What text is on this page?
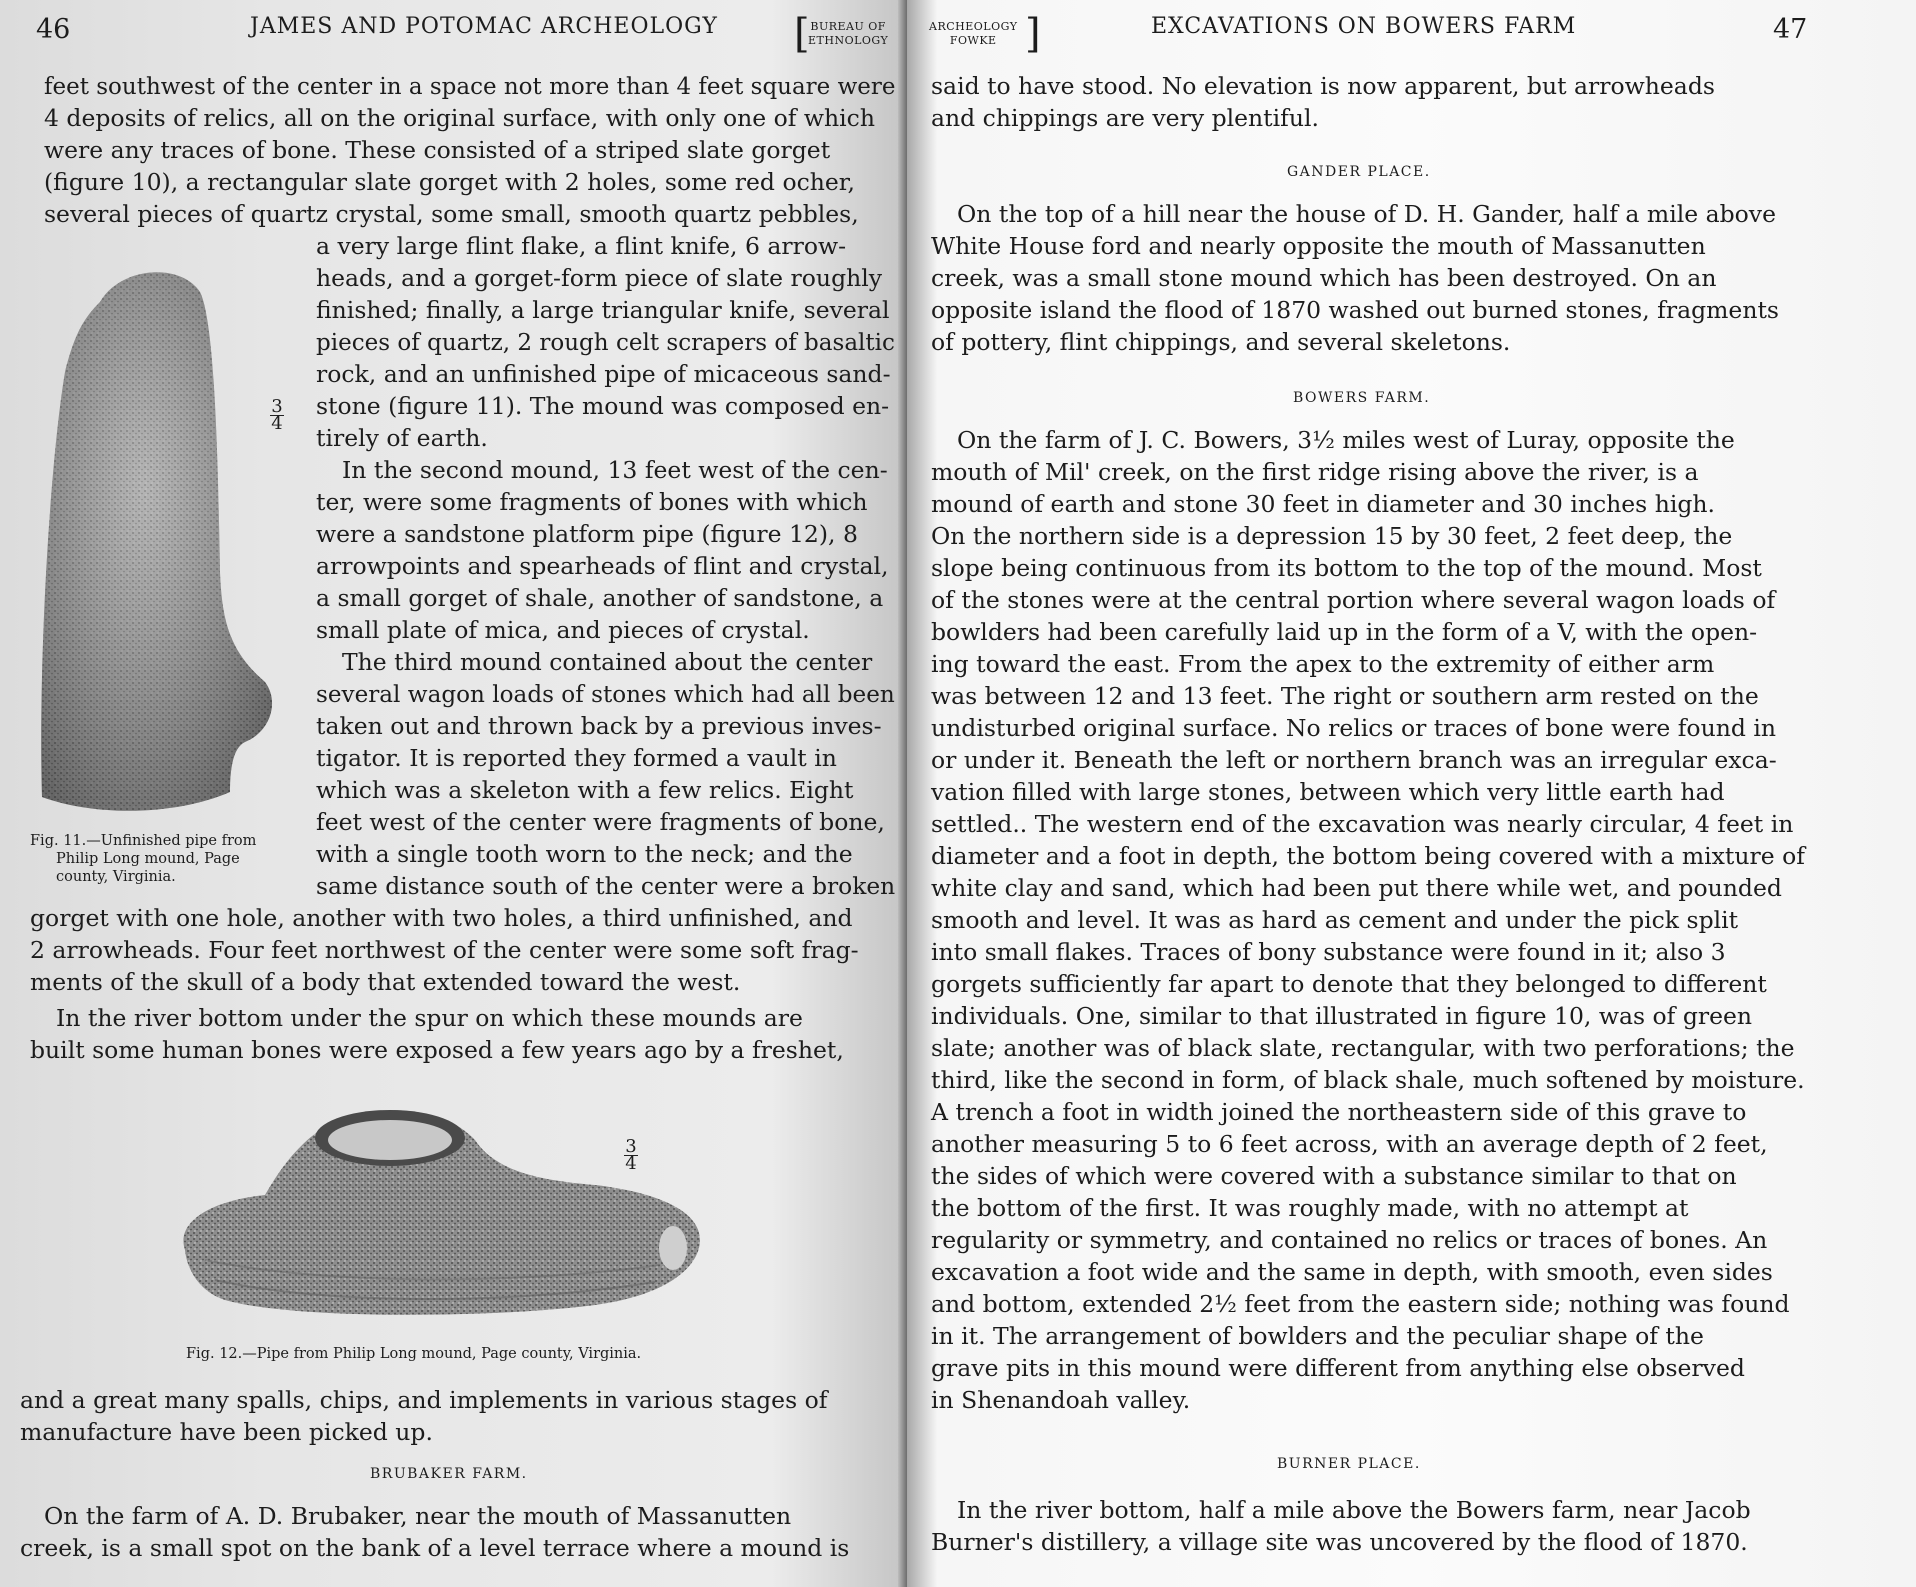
46	JAMES AND POTOMAC ARCHEOLOGY [ BUREAU OF
ETHNOLOGY
3
4
Fig. 11.—Unfinished pipe from
Philip Long mound, Page
county, Virginia.
feet southwest of the center in a space not more than 4 feet square were
4 deposits of relics, all on the original surface, with only one of which
were any traces of bone. These consisted of a striped slate gorget
(figure 10), a rectangular slate gorget with 2 holes, some red ocher,
several pieces of quartz crystal, some small, smooth quartz pebbles,
a very large flint flake, a flint knife, 6 arrow-
heads, and a gorget-form piece of slate roughly
finished; finally, a large triangular knife, several
pieces of quartz, 2 rough celt scrapers of basaltic
rock, and an unfinished pipe of micaceous sand-
stone (figure 11). The mound was composed en-
tirely of earth.
In the second mound, 13 feet west of the cen-
ter, were some fragments of bones with which
were a sandstone platform pipe (figure 12), 8
arrowpoints and spearheads of flint and crystal,
a small gorget of shale, another of sandstone, a
small plate of mica, and pieces of crystal.
The third mound contained about the center
several wagon loads of stones which had all been
taken out and thrown back by a previous inves-
tigator. It is reported they formed a vault in
which was a skeleton with a few relics. Eight
feet west of the center were fragments of bone,
with a single tooth worn to the neck; and the
same distance south of the center were a broken
gorget with one hole, another with two holes, a third unfinished, and
2 arrowheads. Four feet northwest of the center were some soft frag-
ments of the skull of a body that extended toward the west.
In the river bottom under the spur on which these mounds are
built some human bones were exposed a few years ago by a freshet,
3
4
Fig. 12.—Pipe from Philip Long mound, Page county, Virginia.
and a great many spalls, chips, and implements in various stages of
manufacture have been picked up.
BRUBAKER FARM.
On the farm of A. D. Brubaker, near the mouth of Massanutten
creek, is a small spot on the bank of a level terrace where a mound is
ARCHEOLOGY
FOWKE ]	EXCAVATIONS ON BOWERS FARM	47
said to have stood. No elevation is now apparent, but arrowheads
and chippings are very plentiful.
GANDER PLACE.
On the top of a hill near the house of D. H. Gander, half a mile above
White House ford and nearly opposite the mouth of Massanutten
creek, was a small stone mound which has been destroyed. On an
opposite island the flood of 1870 washed out burned stones, fragments
of pottery, flint chippings, and several skeletons.
BOWERS FARM.
On the farm of J. C. Bowers, 3½ miles west of Luray, opposite the
mouth of Mil' creek, on the first ridge rising above the river, is a
mound of earth and stone 30 feet in diameter and 30 inches high.
On the northern side is a depression 15 by 30 feet, 2 feet deep, the
slope being continuous from its bottom to the top of the mound. Most
of the stones were at the central portion where several wagon loads of
bowlders had been carefully laid up in the form of a V, with the open-
ing toward the east. From the apex to the extremity of either arm
was between 12 and 13 feet. The right or southern arm rested on the
undisturbed original surface. No relics or traces of bone were found in
or under it. Beneath the left or northern branch was an irregular exca-
vation filled with large stones, between which very little earth had
settled.. The western end of the excavation was nearly circular, 4 feet in
diameter and a foot in depth, the bottom being covered with a mixture of
white clay and sand, which had been put there while wet, and pounded
smooth and level. It was as hard as cement and under the pick split
into small flakes. Traces of bony substance were found in it; also 3
gorgets sufficiently far apart to denote that they belonged to different
individuals. One, similar to that illustrated in figure 10, was of green
slate; another was of black slate, rectangular, with two perforations; the
third, like the second in form, of black shale, much softened by moisture.
A trench a foot in width joined the northeastern side of this grave to
another measuring 5 to 6 feet across, with an average depth of 2 feet,
the sides of which were covered with a substance similar to that on
the bottom of the first. It was roughly made, with no attempt at
regularity or symmetry, and contained no relics or traces of bones. An
excavation a foot wide and the same in depth, with smooth, even sides
and bottom, extended 2½ feet from the eastern side; nothing was found
in it. The arrangement of bowlders and the peculiar shape of the
grave pits in this mound were different from anything else observed
in Shenandoah valley.
BURNER PLACE.
In the river bottom, half a mile above the Bowers farm, near Jacob
Burner's distillery, a village site was uncovered by the flood of 1870.
